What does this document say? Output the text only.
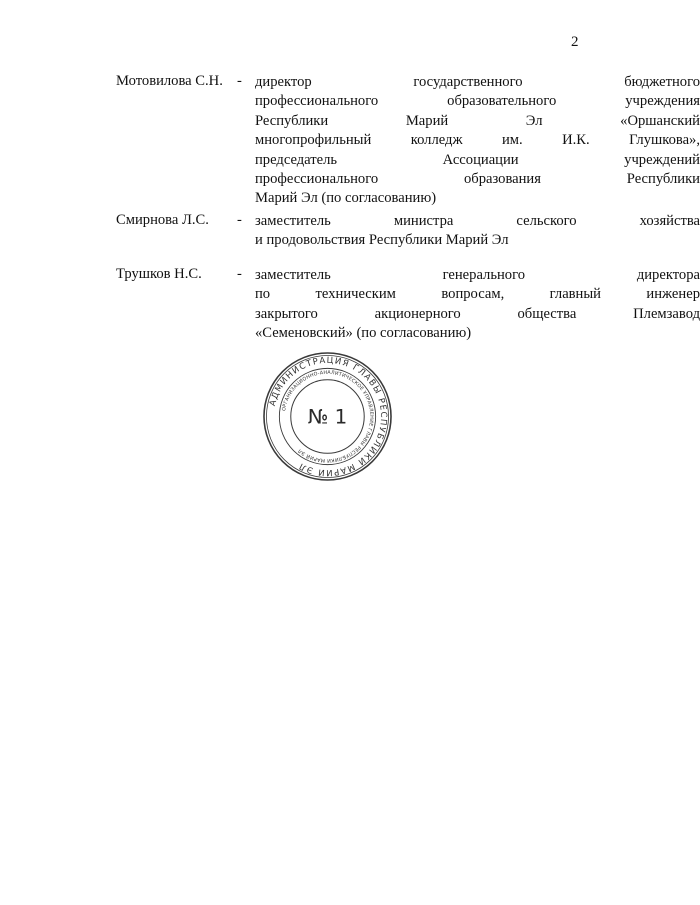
2
Мотовилова С.Н. - директор государственного бюджетного
профессионального образовательного учреждения
Республики Марий Эл «Оршанский
многопрофильный колледж им. И.К. Глушкова»,
председатель Ассоциации учреждений
профессионального образования Республики
Марий Эл (по согласованию)
Смирнова Л.С. - заместитель министра сельского хозяйства
и продовольствия Республики Марий Эл
Трушков Н.С. - заместитель генерального директора
по техническим вопросам, главный инженер
закрытого акционерного общества Племзавод
«Семеновский» (по согласованию)
АДМИНИСТРАЦИЯ ГЛАВЫ РЕСПУБЛИКИ МАРИЙ ЭЛ
ОРГАНИЗАЦИОННО-АНАЛИТИЧЕСКОЕ УПРАВЛЕНИЕ ГЛАВЫ РЕСПУБЛИКИ МАРИЙ ЭЛ
№ 1
